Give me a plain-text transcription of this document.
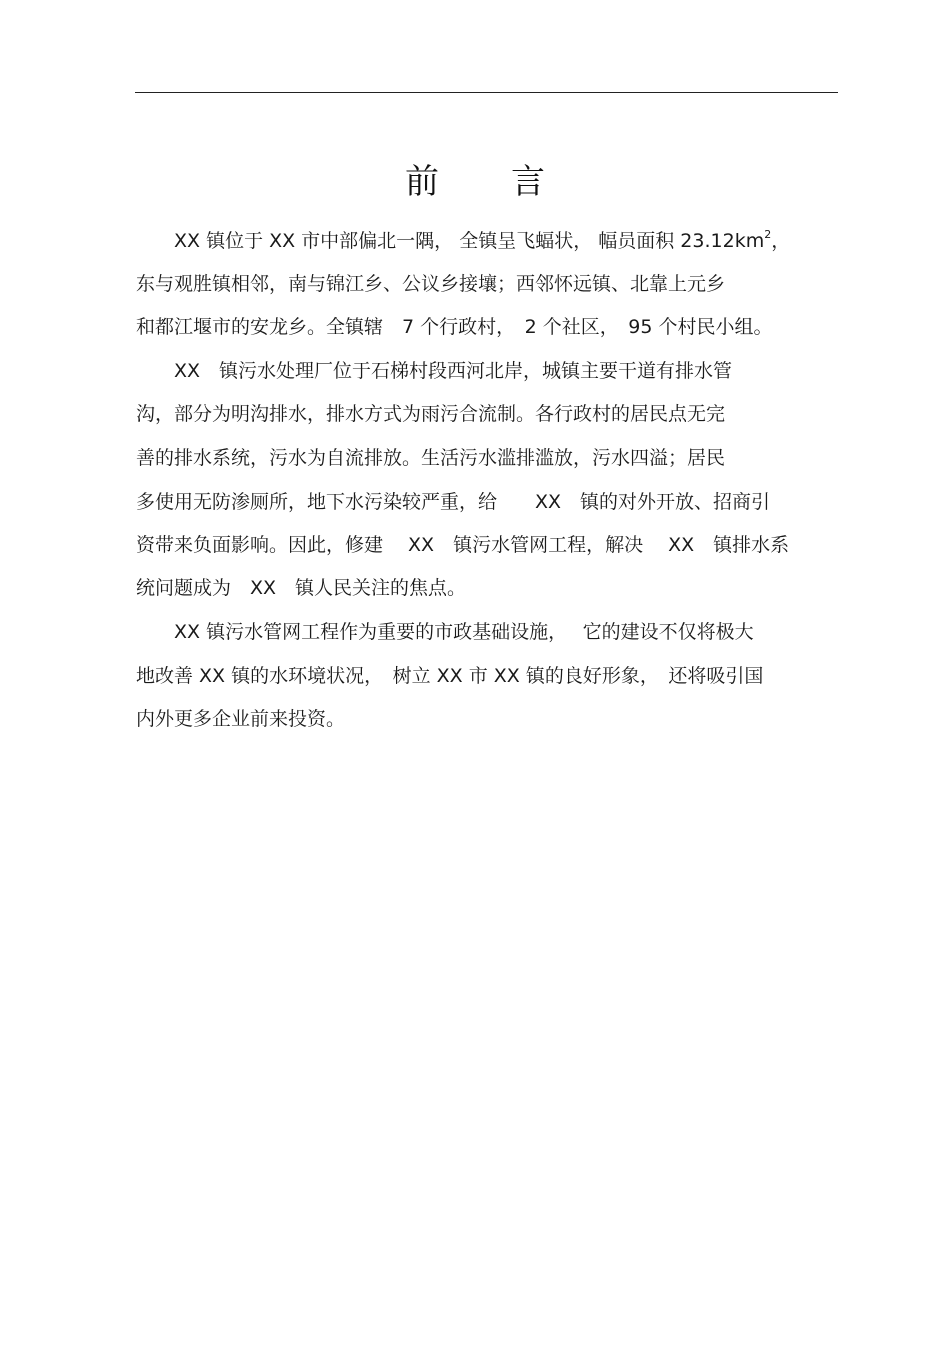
前 言
　　XX 镇位于 XX 市中部偏北一隅， 全镇呈飞蝠状， 幅员面积 $23.12km^2$，
东与观胜镇相邻，南与锦江乡、公议乡接壤；西邻怀远镇、北靠上元乡
和都江堰市的安龙乡。全镇辖　7 个行政村，　2 个社区，　95 个村民小组。
　　XX　镇污水处理厂位于石梯村段西河北岸，城镇主要干道有排水管
沟，部分为明沟排水，排水方式为雨污合流制。各行政村的居民点无完
善的排水系统，污水为自流排放。生活污水滥排滥放，污水四溢；居民
多使用无防渗厕所，地下水污染较严重，给　　XX　镇的对外开放、招商引
资带来负面影响。因此，修建　 XX　镇污水管网工程，解决　 XX　镇排水系
统问题成为　XX　镇人民关注的焦点。
　　XX 镇污水管网工程作为重要的市政基础设施，　 它的建设不仅将极大
地改善 XX 镇的水环境状况，　树立 XX 市 XX 镇的良好形象，　还将吸引国
内外更多企业前来投资。
